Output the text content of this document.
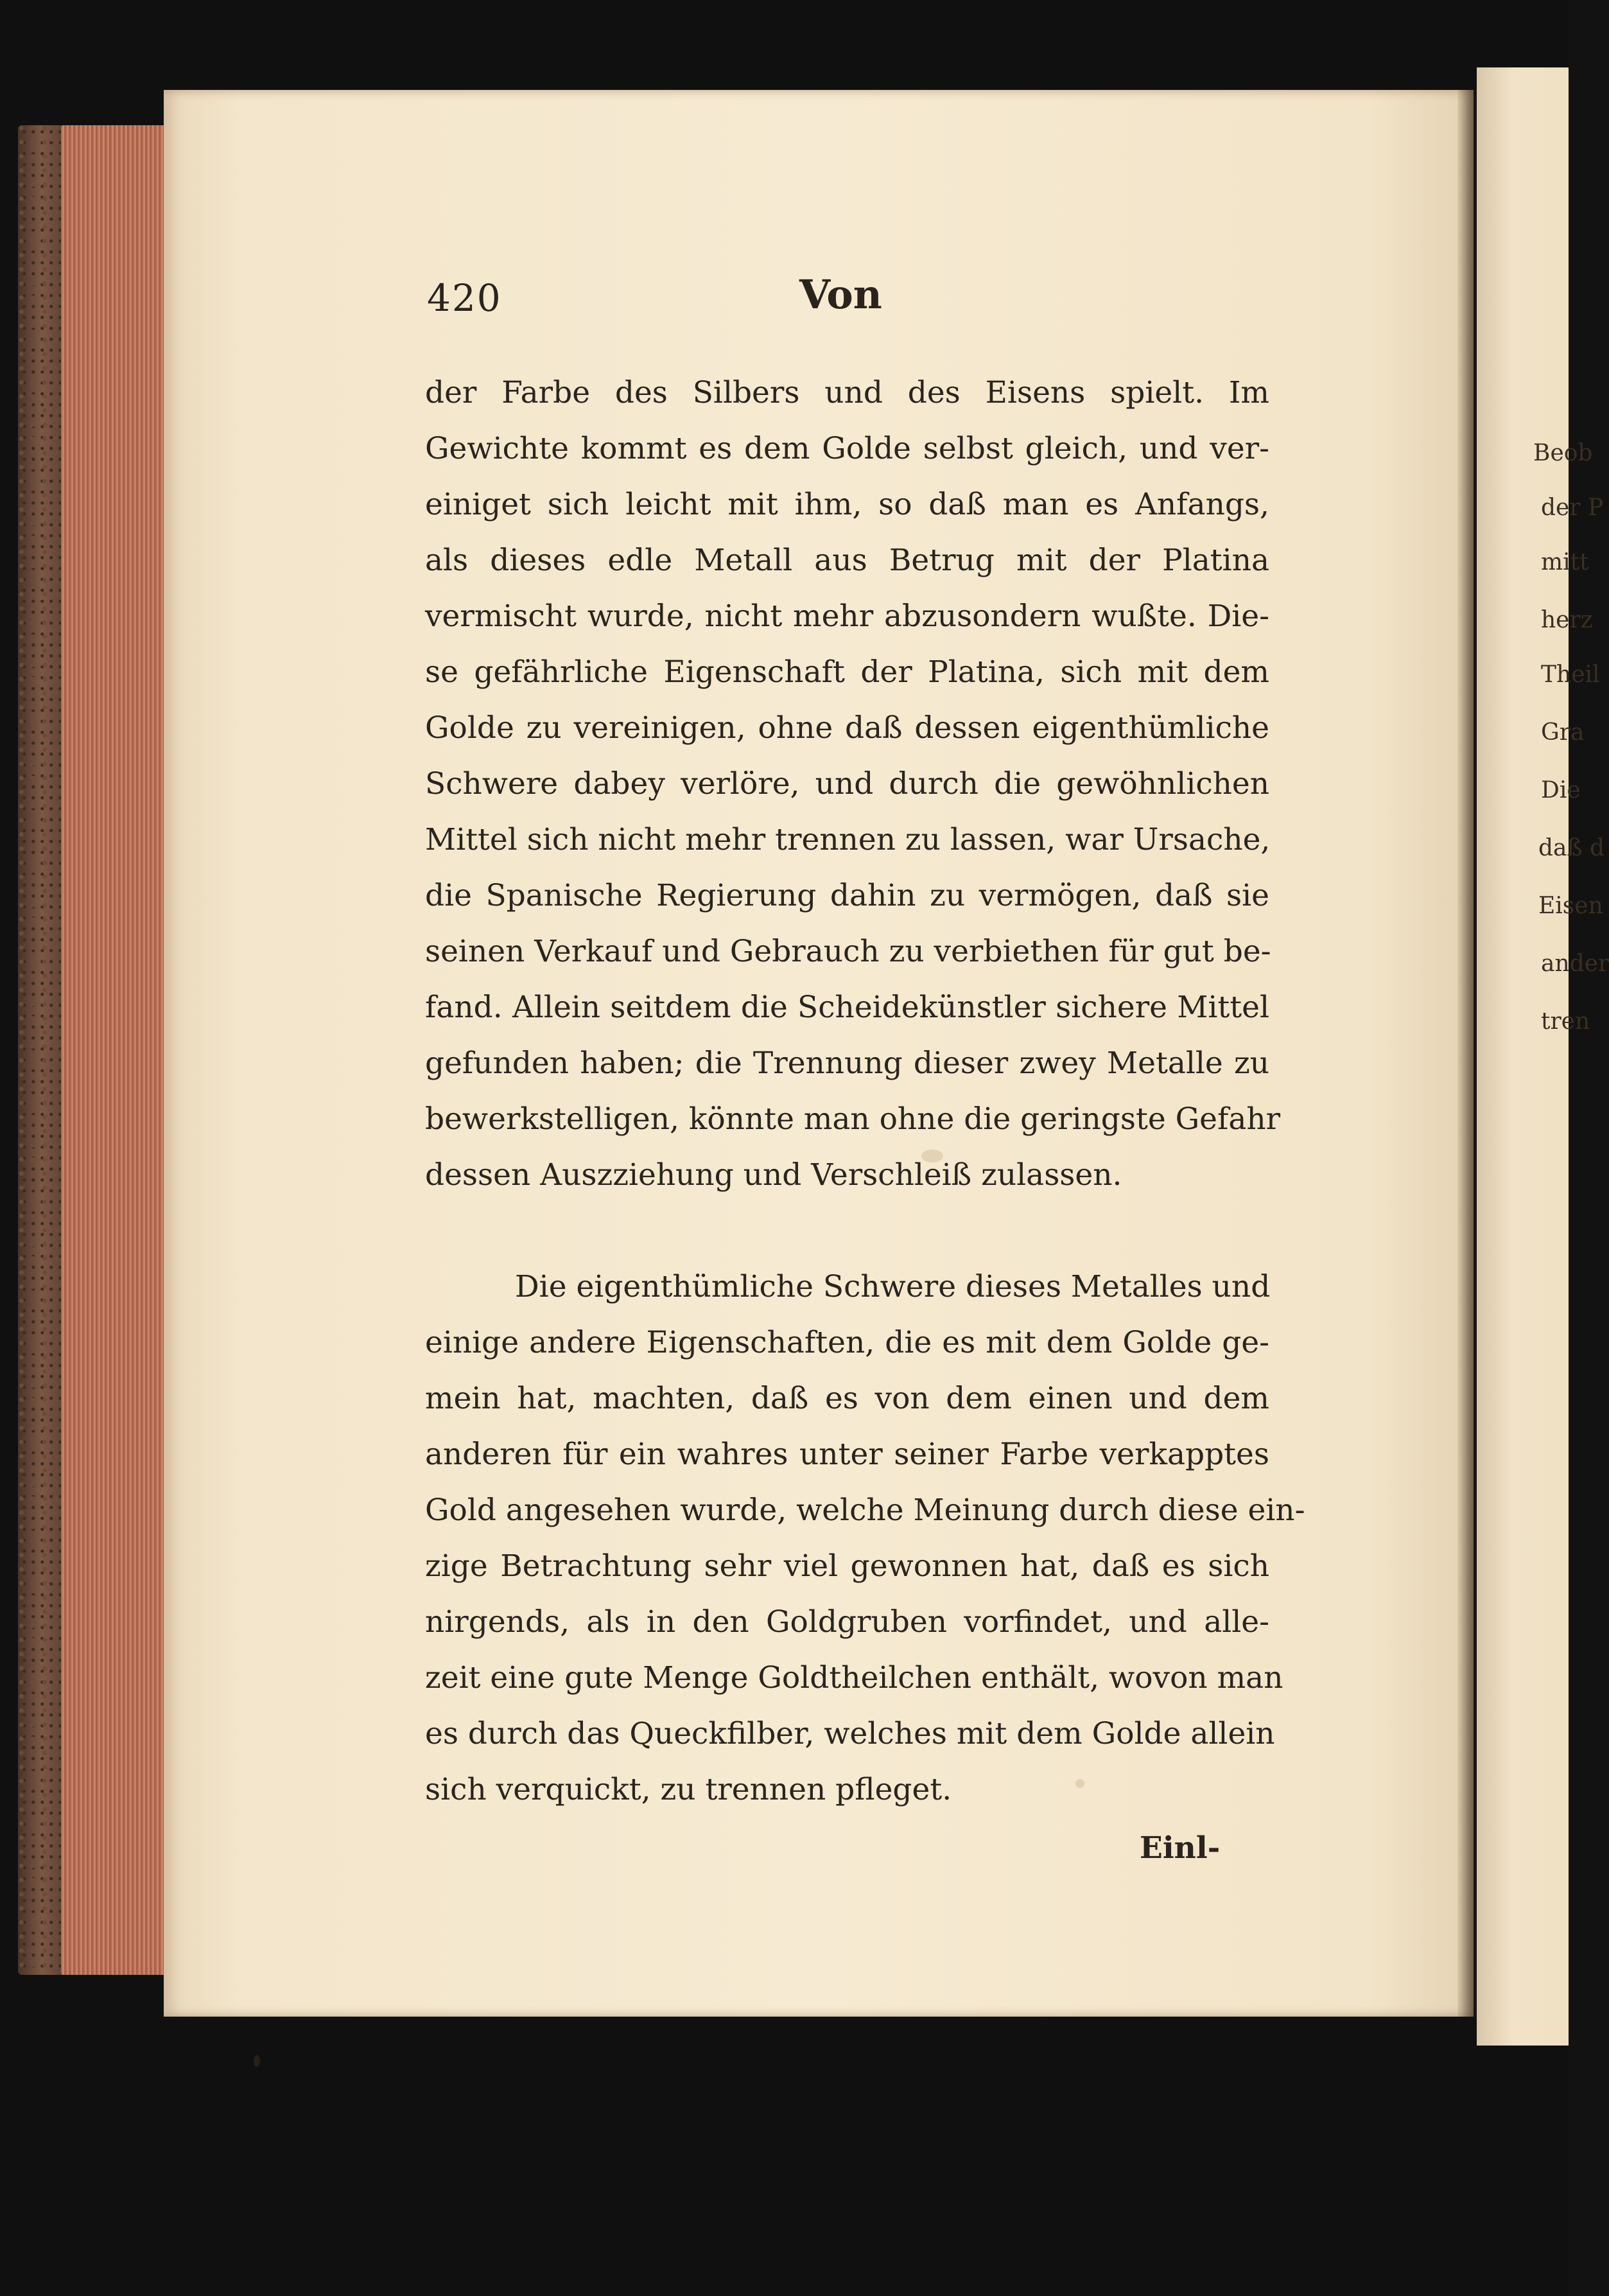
420	Von
der Farbe des Silbers und des Eisens spielt. Im
Gewichte kommt es dem Golde selbst gleich, und ver-
einiget sich leicht mit ihm, so daß man es Anfangs,
als dieses edle Metall aus Betrug mit der Platina
vermischt wurde, nicht mehr abzusondern wußte. Die-
se gefährliche Eigenschaft der Platina, sich mit dem
Golde zu vereinigen, ohne daß dessen eigenthümliche
Schwere dabey verlöre, und durch die gewöhnlichen
Mittel sich nicht mehr trennen zu lassen, war Ursache,
die Spanische Regierung dahin zu vermögen, daß sie
seinen Verkauf und Gebrauch zu verbiethen für gut be-
fand. Allein seitdem die Scheidekünstler sichere Mittel
gefunden haben; die Trennung dieser zwey Metalle zu
bewerkstelligen, könnte man ohne die geringste Gefahr
dessen Auszziehung und Verschleiß zulassen.
Die eigenthümliche Schwere dieses Metalles und
einige andere Eigenschaften, die es mit dem Golde ge-
mein hat, machten, daß es von dem einen und dem
anderen für ein wahres unter seiner Farbe verkapptes
Gold angesehen wurde, welche Meinung durch diese ein-
zige Betrachtung sehr viel gewonnen hat, daß es sich
nirgends, als in den Goldgruben vorfindet, und alle-
zeit eine gute Menge Goldtheilchen enthält, wovon man
es durch das Queckfilber, welches mit dem Golde allein
sich verquickt, zu trennen pfleget.
Einl-
Beob
der P
mitt
herz
Theil
Gra
Die
daß d
Eisen
ander
tren
